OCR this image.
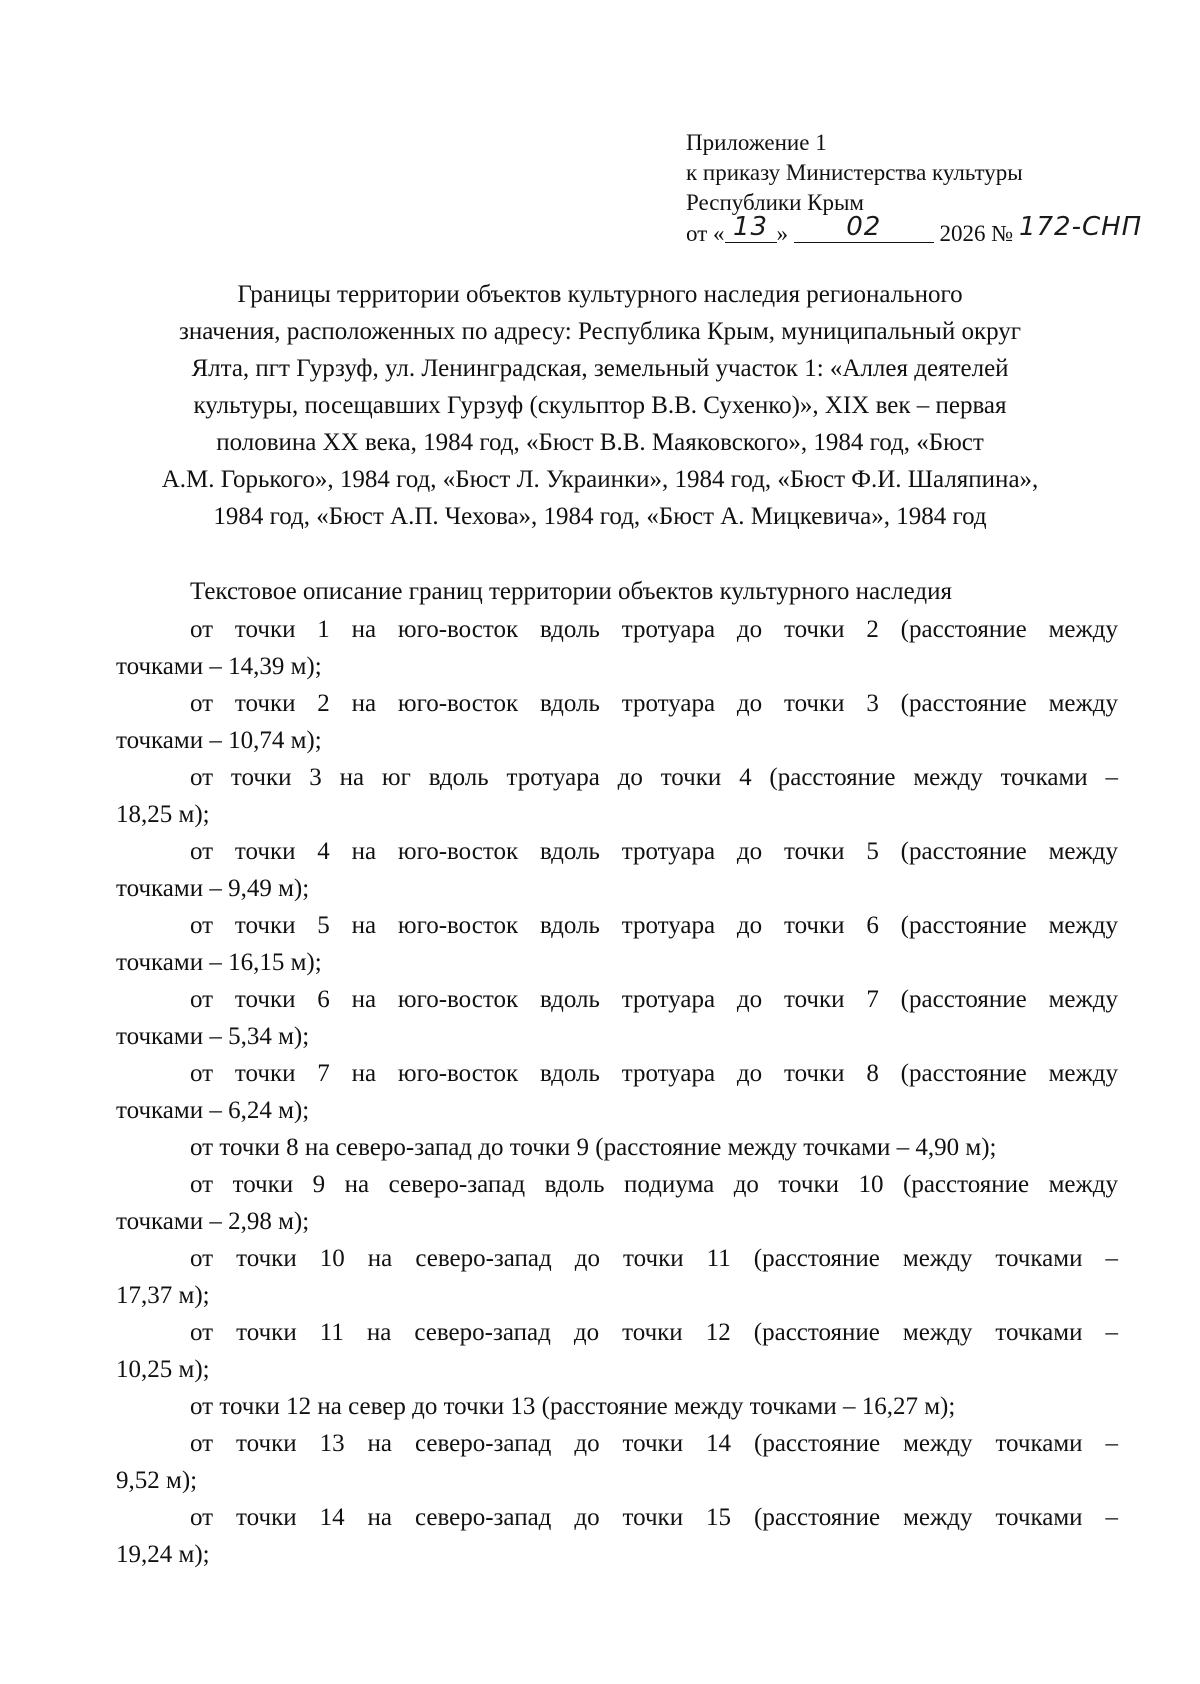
Приложение 1
к приказу Министерства культуры
Республики Крым
от « 13 » 02	2026 № 172-СНП
Границы территории объектов культурного наследия регионального
значения, расположенных по адресу: Республика Крым, муниципальный округ
Ялта, пгт Гурзуф, ул. Ленинградская, земельный участок 1: «Аллея деятелей
культуры, посещавших Гурзуф (скульптор В.В. Сухенко)», XIX век – первая
половина XX века, 1984 год, «Бюст В.В. Маяковского», 1984 год, «Бюст
А.М. Горького», 1984 год, «Бюст Л. Украинки», 1984 год, «Бюст Ф.И. Шаляпина»,
1984 год, «Бюст А.П. Чехова», 1984 год, «Бюст А. Мицкевича», 1984 год
Текстовое описание границ территории объектов культурного наследия
от точки 1 на юго-восток вдоль тротуара до точки 2 (расстояние между
точками – 14,39 м);
от точки 2 на юго-восток вдоль тротуара до точки 3 (расстояние между
точками – 10,74 м);
от точки 3 на юг вдоль тротуара до точки 4 (расстояние между точками –
18,25 м);
от точки 4 на юго-восток вдоль тротуара до точки 5 (расстояние между
точками – 9,49 м);
от точки 5 на юго-восток вдоль тротуара до точки 6 (расстояние между
точками – 16,15 м);
от точки 6 на юго-восток вдоль тротуара до точки 7 (расстояние между
точками – 5,34 м);
от точки 7 на юго-восток вдоль тротуара до точки 8 (расстояние между
точками – 6,24 м);
от точки 8 на северо-запад до точки 9 (расстояние между точками – 4,90 м);
от точки 9 на северо-запад вдоль подиума до точки 10 (расстояние между
точками – 2,98 м);
от точки 10 на северо-запад до точки 11 (расстояние между точками –
17,37 м);
от точки 11 на северо-запад до точки 12 (расстояние между точками –
10,25 м);
от точки 12 на север до точки 13 (расстояние между точками – 16,27 м);
от точки 13 на северо-запад до точки 14 (расстояние между точками –
9,52 м);
от точки 14 на северо-запад до точки 15 (расстояние между точками –
19,24 м);
